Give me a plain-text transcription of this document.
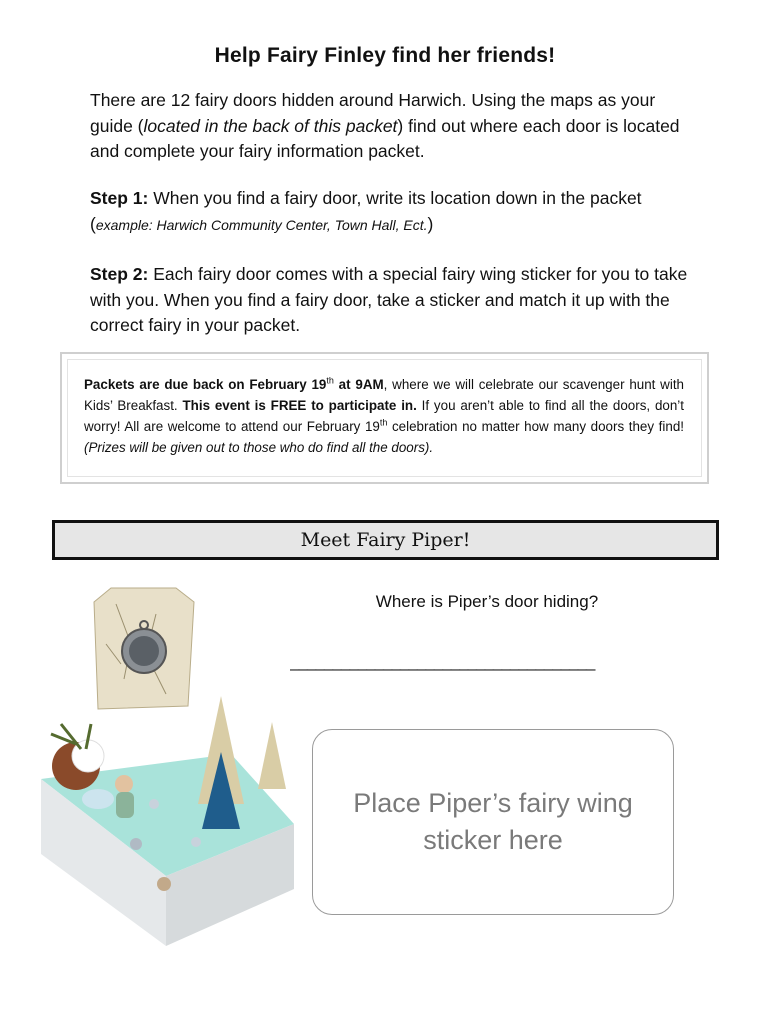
Help Fairy Finley find her friends!
There are 12 fairy doors hidden around Harwich. Using the maps as your guide (located in the back of this packet) find out where each door is located and complete your fairy information packet.
Step 1: When you find a fairy door, write its location down in the packet (example: Harwich Community Center, Town Hall, Ect.)
Step 2: Each fairy door comes with a special fairy wing sticker for you to take with you. When you find a fairy door, take a sticker and match it up with the correct fairy in your packet.
Packets are due back on February 19th at 9AM, where we will celebrate our scavenger hunt with Kids’ Breakfast. This event is FREE to participate in. If you aren’t able to find all the doors, don’t worry! All are welcome to attend our February 19th celebration no matter how many doors they find! (Prizes will be given out to those who do find all the doors).
Meet Fairy Piper!
Where is Piper’s door hiding?
____________________________________
Place Piper’s fairy wing sticker here
